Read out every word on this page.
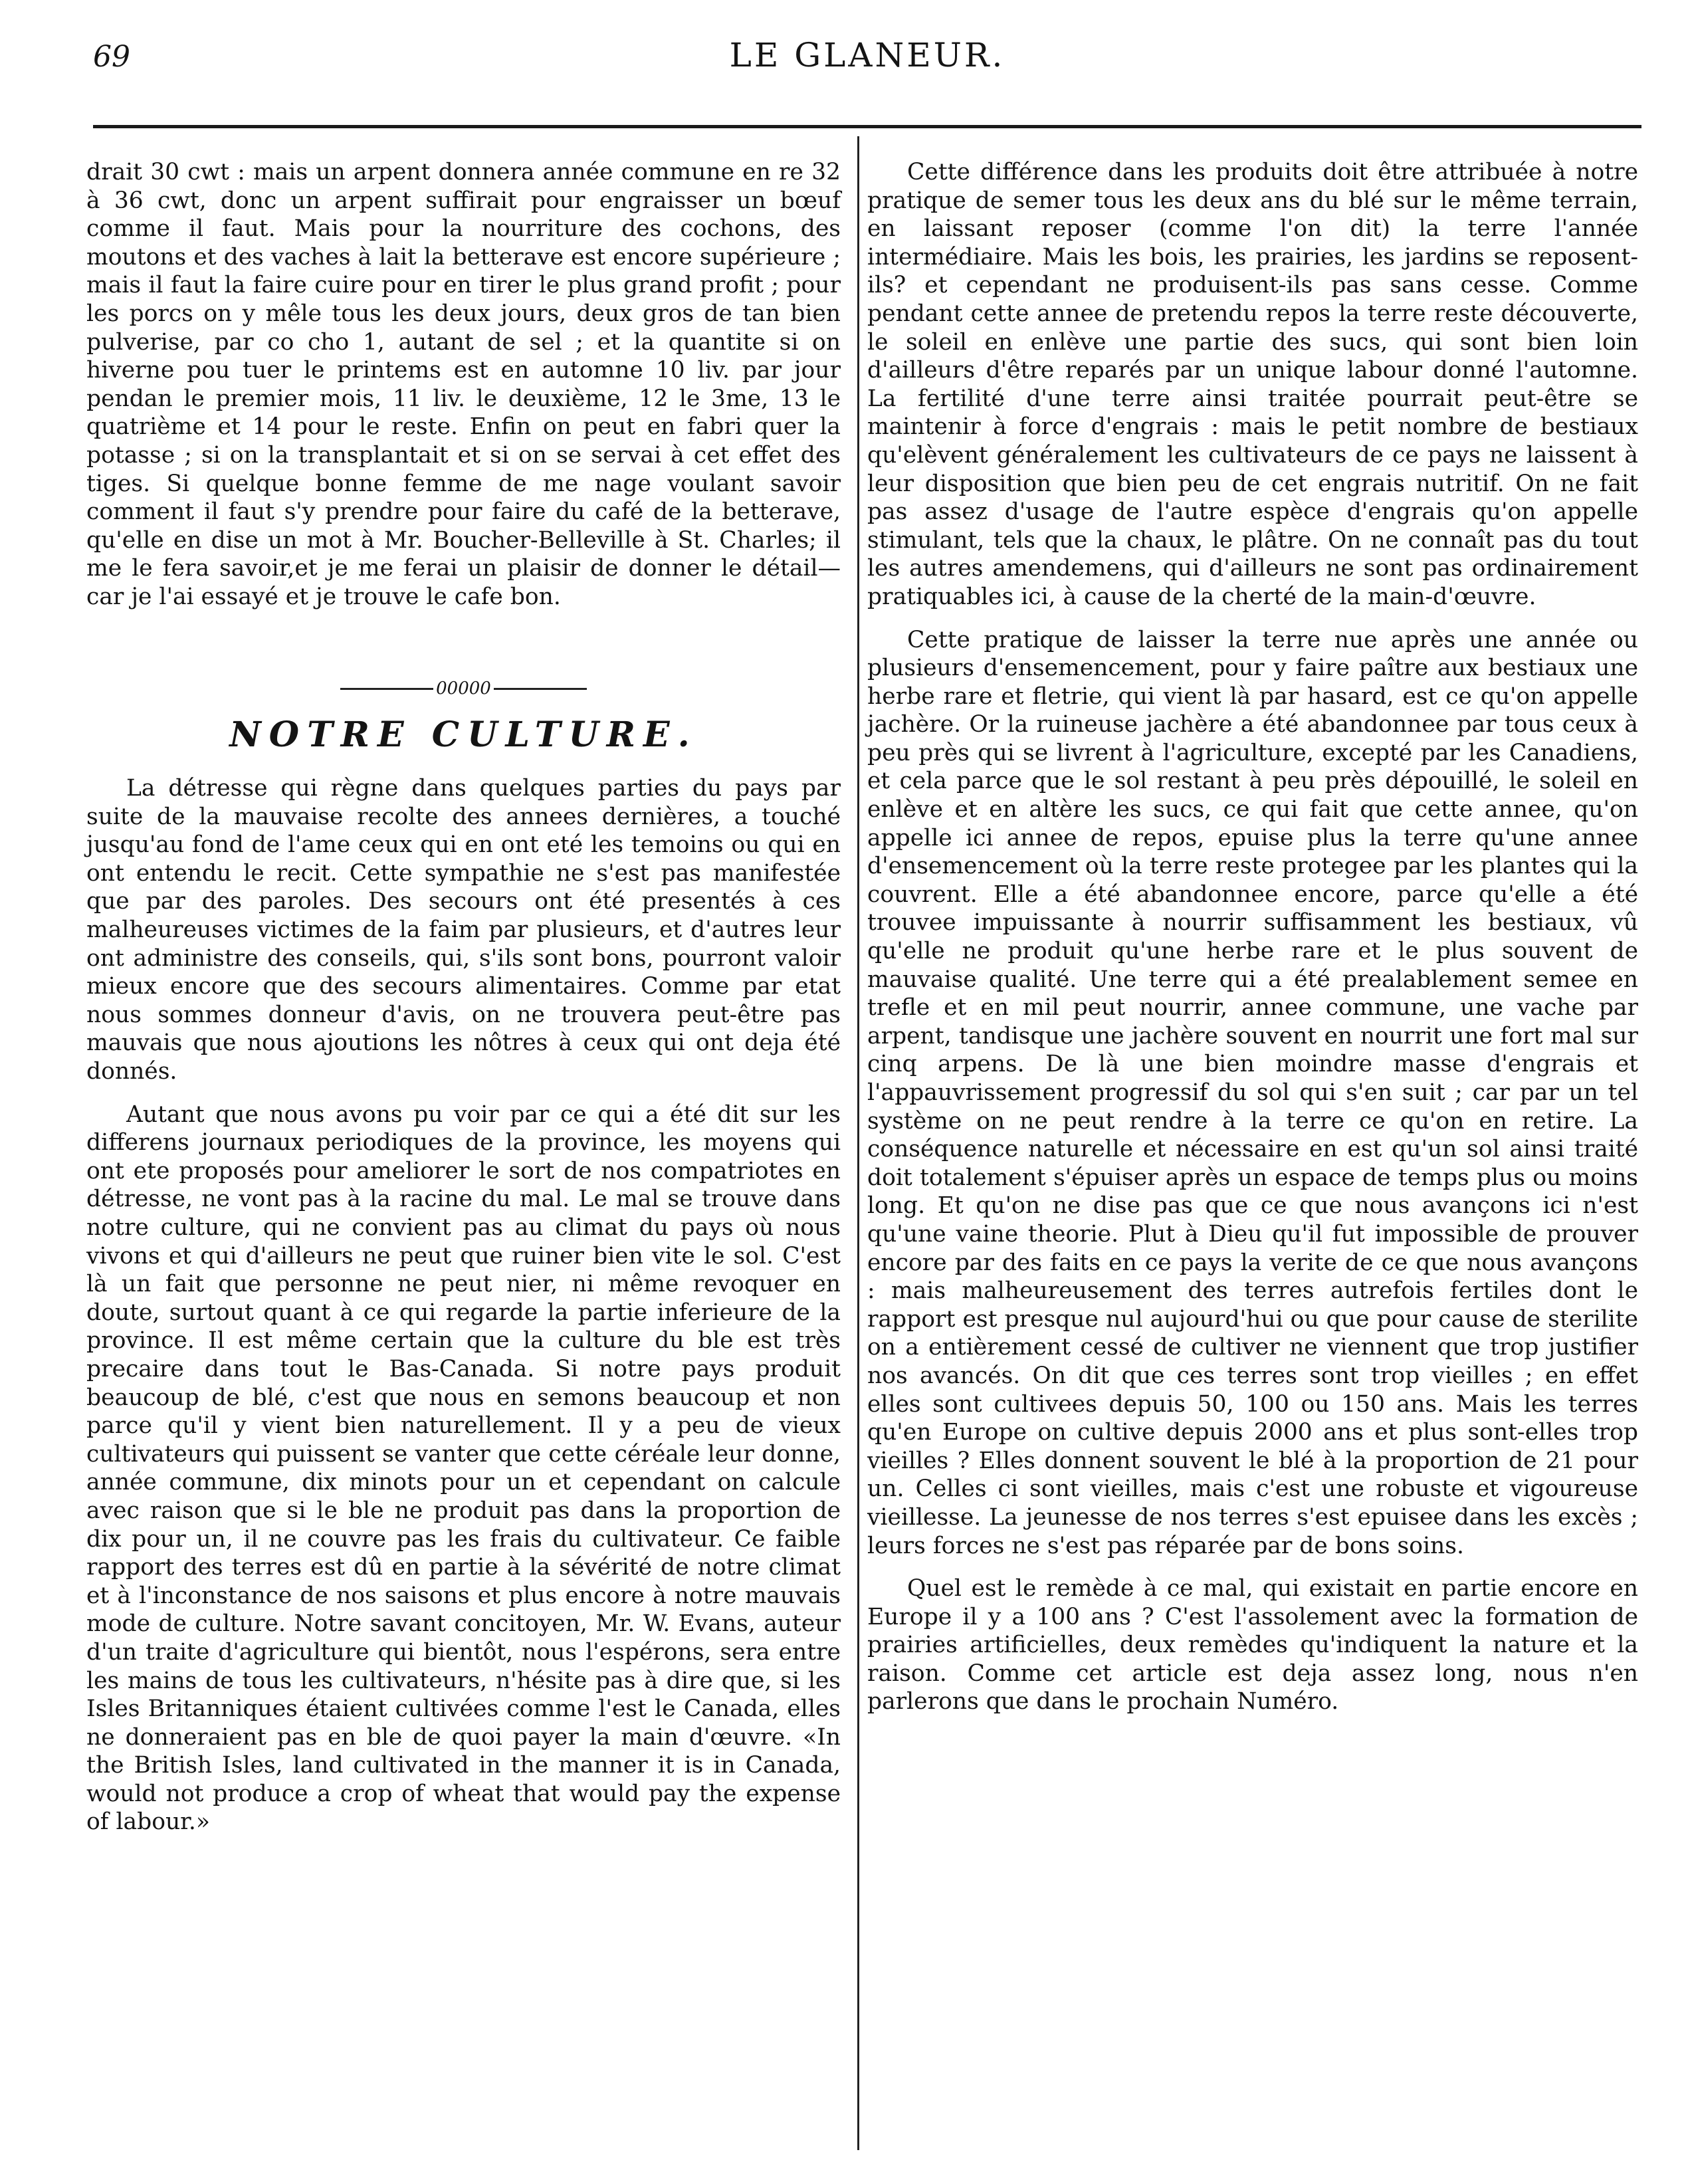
69	LE GLANEUR.

drait 30 cwt : mais un arpent donnera année commune en re 32 à 36 cwt, donc un arpent suffirait pour engraisser un bœuf comme il faut. Mais pour la nourriture des cochons, des moutons et des vaches à lait la betterave est encore supérieure ; mais il faut la faire cuire pour en tirer le plus grand profit ; pour les porcs on y mêle tous les deux jours, deux gros de tan bien pulverise, par co cho 1, autant de sel ; et la quantite si on hiverne pou tuer le printems est en automne 10 liv. par jour pendan le premier mois, 11 liv. le deuxième, 12 le 3me, 13 le quatrième et 14 pour le reste. Enfin on peut en fabri quer la potasse ; si on la transplantait et si on se servai à cet effet des tiges. Si quelque bonne femme de me nage voulant savoir comment il faut s'y prendre pour faire du café de la betterave, qu'elle en dise un mot à Mr. Boucher-Belleville à St. Charles; il me le fera savoir,et je me ferai un plaisir de donner le détail—car je l'ai essayé et je trouve le cafe bon.

00000
NOTRE CULTURE.

La détresse qui règne dans quelques parties du pays par suite de la mauvaise recolte des annees dernières, a touché jusqu'au fond de l'ame ceux qui en ont eté les temoins ou qui en ont entendu le recit. Cette sympathie ne s'est pas manifestée que par des paroles. Des secours ont été presentés à ces malheureuses victimes de la faim par plusieurs, et d'autres leur ont administre des conseils, qui, s'ils sont bons, pourront valoir mieux encore que des secours alimentaires. Comme par etat nous sommes donneur d'avis, on ne trouvera peut-être pas mauvais que nous ajoutions les nôtres à ceux qui ont deja été donnés.

Autant que nous avons pu voir par ce qui a été dit sur les differens journaux periodiques de la province, les moyens qui ont ete proposés pour ameliorer le sort de nos compatriotes en détresse, ne vont pas à la racine du mal. Le mal se trouve dans notre culture, qui ne convient pas au climat du pays où nous vivons et qui d'ailleurs ne peut que ruiner bien vite le sol. C'est là un fait que personne ne peut nier, ni même revoquer en doute, surtout quant à ce qui regarde la partie inferieure de la province. Il est même certain que la culture du ble est très precaire dans tout le Bas-Canada. Si notre pays produit beaucoup de blé, c'est que nous en semons beaucoup et non parce qu'il y vient bien naturellement. Il y a peu de vieux cultivateurs qui puissent se vanter que cette céréale leur donne, année commune, dix minots pour un et cependant on calcule avec raison que si le ble ne produit pas dans la proportion de dix pour un, il ne couvre pas les frais du cultivateur. Ce faible rapport des terres est dû en partie à la sévérité de notre climat et à l'inconstance de nos saisons et plus encore à notre mauvais mode de culture. Notre savant concitoyen, Mr. W. Evans, auteur d'un traite d'agriculture qui bientôt, nous l'espérons, sera entre les mains de tous les cultivateurs, n'hésite pas à dire que, si les Isles Britanniques étaient cultivées comme l'est le Canada, elles ne donneraient pas en ble de quoi payer la main d'œuvre. «In the British Isles, land cultivated in the manner it is in Canada, would not produce a crop of wheat that would pay the expense of labour.»

Cette différence dans les produits doit être attribuée à notre pratique de semer tous les deux ans du blé sur le même terrain, en laissant reposer (comme l'on dit) la terre l'année intermédiaire. Mais les bois, les prairies, les jardins se reposent-ils? et cependant ne produisent-ils pas sans cesse. Comme pendant cette annee de pretendu repos la terre reste découverte, le soleil en enlève une partie des sucs, qui sont bien loin d'ailleurs d'être reparés par un unique labour donné l'automne. La fertilité d'une terre ainsi traitée pourrait peut-être se maintenir à force d'engrais : mais le petit nombre de bestiaux qu'elèvent généralement les cultivateurs de ce pays ne laissent à leur disposition que bien peu de cet engrais nutritif. On ne fait pas assez d'usage de l'autre espèce d'engrais qu'on appelle stimulant, tels que la chaux, le plâtre. On ne connaît pas du tout les autres amendemens, qui d'ailleurs ne sont pas ordinairement pratiquables ici, à cause de la cherté de la main-d'œuvre.

Cette pratique de laisser la terre nue après une année ou plusieurs d'ensemencement, pour y faire paître aux bestiaux une herbe rare et fletrie, qui vient là par hasard, est ce qu'on appelle jachère. Or la ruineuse jachère a été abandonnee par tous ceux à peu près qui se livrent à l'agriculture, excepté par les Canadiens, et cela parce que le sol restant à peu près dépouillé, le soleil en enlève et en altère les sucs, ce qui fait que cette annee, qu'on appelle ici annee de repos, epuise plus la terre qu'une annee d'ensemencement où la terre reste protegee par les plantes qui la couvrent. Elle a été abandonnee encore, parce qu'elle a été trouvee impuissante à nourrir suffisamment les bestiaux, vû qu'elle ne produit qu'une herbe rare et le plus souvent de mauvaise qualité. Une terre qui a été prealablement semee en trefle et en mil peut nourrir, annee commune, une vache par arpent, tandisque une jachère souvent en nourrit une fort mal sur cinq arpens. De là une bien moindre masse d'engrais et l'appauvrissement progressif du sol qui s'en suit ; car par un tel système on ne peut rendre à la terre ce qu'on en retire. La conséquence naturelle et nécessaire en est qu'un sol ainsi traité doit totalement s'épuiser après un espace de temps plus ou moins long. Et qu'on ne dise pas que ce que nous avançons ici n'est qu'une vaine theorie. Plut à Dieu qu'il fut impossible de prouver encore par des faits en ce pays la verite de ce que nous avançons : mais malheureusement des terres autrefois fertiles dont le rapport est presque nul aujourd'hui ou que pour cause de sterilite on a entièrement cessé de cultiver ne viennent que trop justifier nos avancés. On dit que ces terres sont trop vieilles ; en effet elles sont cultivees depuis 50, 100 ou 150 ans. Mais les terres qu'en Europe on cultive depuis 2000 ans et plus sont-elles trop vieilles ? Elles donnent souvent le blé à la proportion de 21 pour un. Celles ci sont vieilles, mais c'est une robuste et vigoureuse vieillesse. La jeunesse de nos terres s'est epuisee dans les excès ; leurs forces ne s'est pas réparée par de bons soins.

Quel est le remède à ce mal, qui existait en partie encore en Europe il y a 100 ans ? C'est l'assolement avec la formation de prairies artificielles, deux remèdes qu'indiquent la nature et la raison. Comme cet article est deja assez long, nous n'en parlerons que dans le prochain Numéro.
